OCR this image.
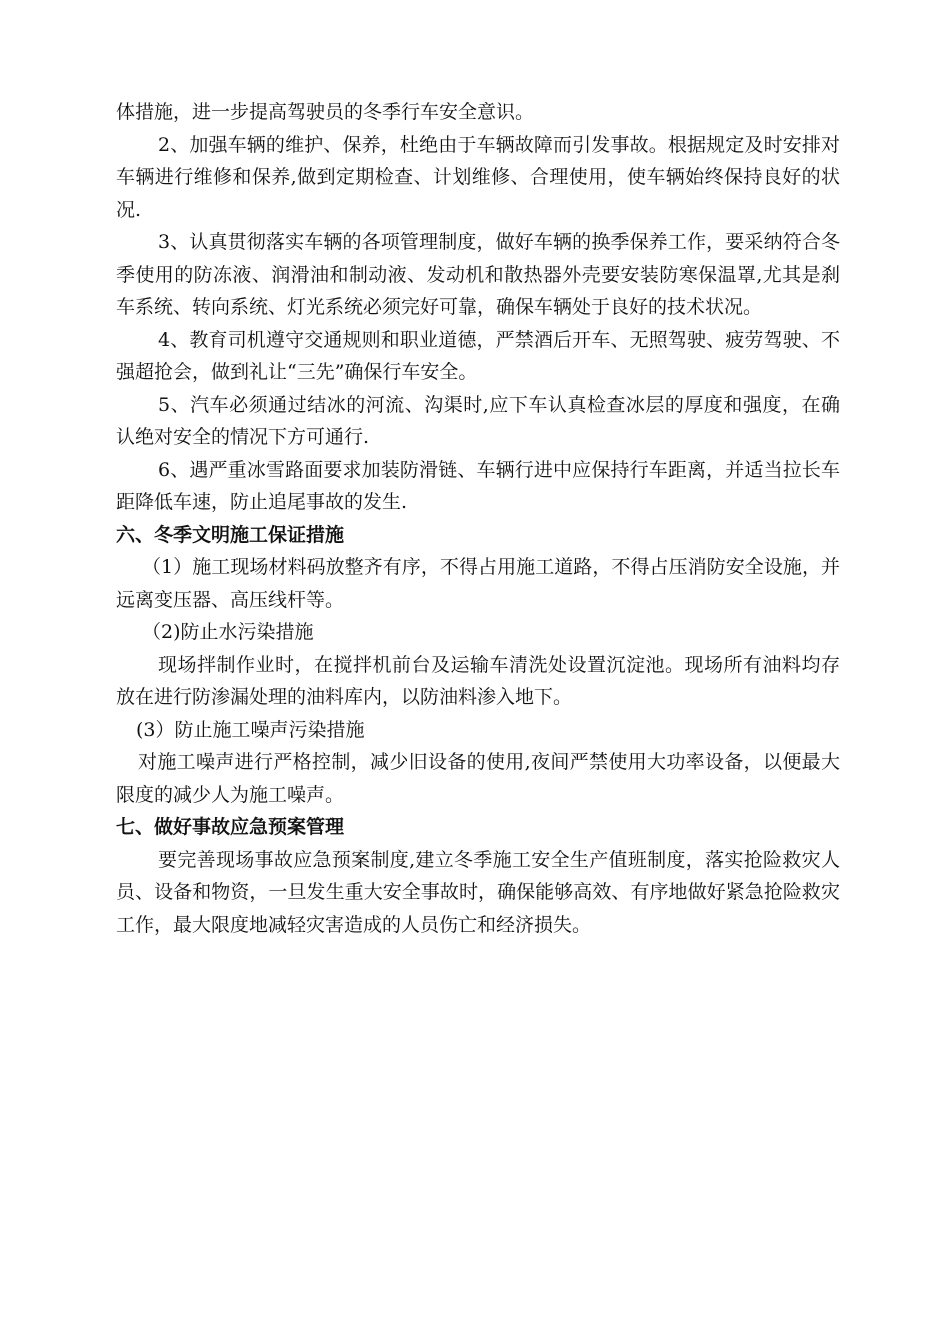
体措施，进一步提高驾驶员的冬季行车安全意识。

2、加强车辆的维护、保养，杜绝由于车辆故障而引发事故。根据规定及时安排对车辆进行维修和保养,做到定期检查、计划维修、合理使用，使车辆始终保持良好的状况.

3、认真贯彻落实车辆的各项管理制度，做好车辆的换季保养工作，要采纳符合冬季使用的防冻液、润滑油和制动液、发动机和散热器外壳要安装防寒保温罩,尤其是刹车系统、转向系统、灯光系统必须完好可靠，确保车辆处于良好的技术状况。

4、教育司机遵守交通规则和职业道德，严禁酒后开车、无照驾驶、疲劳驾驶、不强超抢会，做到礼让“三先”确保行车安全。

5、汽车必须通过结冰的河流、沟渠时,应下车认真检查冰层的厚度和强度，在确认绝对安全的情况下方可通行.

6、遇严重冰雪路面要求加装防滑链、车辆行进中应保持行车距离，并适当拉长车距降低车速，防止追尾事故的发生.

六、冬季文明施工保证措施

（1）施工现场材料码放整齐有序，不得占用施工道路，不得占压消防安全设施，并远离变压器、高压线杆等。

（2)防止水污染措施

现场拌制作业时，在搅拌机前台及运输车清洗处设置沉淀池。现场所有油料均存放在进行防渗漏处理的油料库内，以防油料渗入地下。

(3）防止施工噪声污染措施

对施工噪声进行严格控制，减少旧设备的使用,夜间严禁使用大功率设备，以便最大限度的减少人为施工噪声。

七、做好事故应急预案管理

要完善现场事故应急预案制度,建立冬季施工安全生产值班制度，落实抢险救灾人员、设备和物资，一旦发生重大安全事故时，确保能够高效、有序地做好紧急抢险救灾工作，最大限度地减轻灾害造成的人员伤亡和经济损失。
